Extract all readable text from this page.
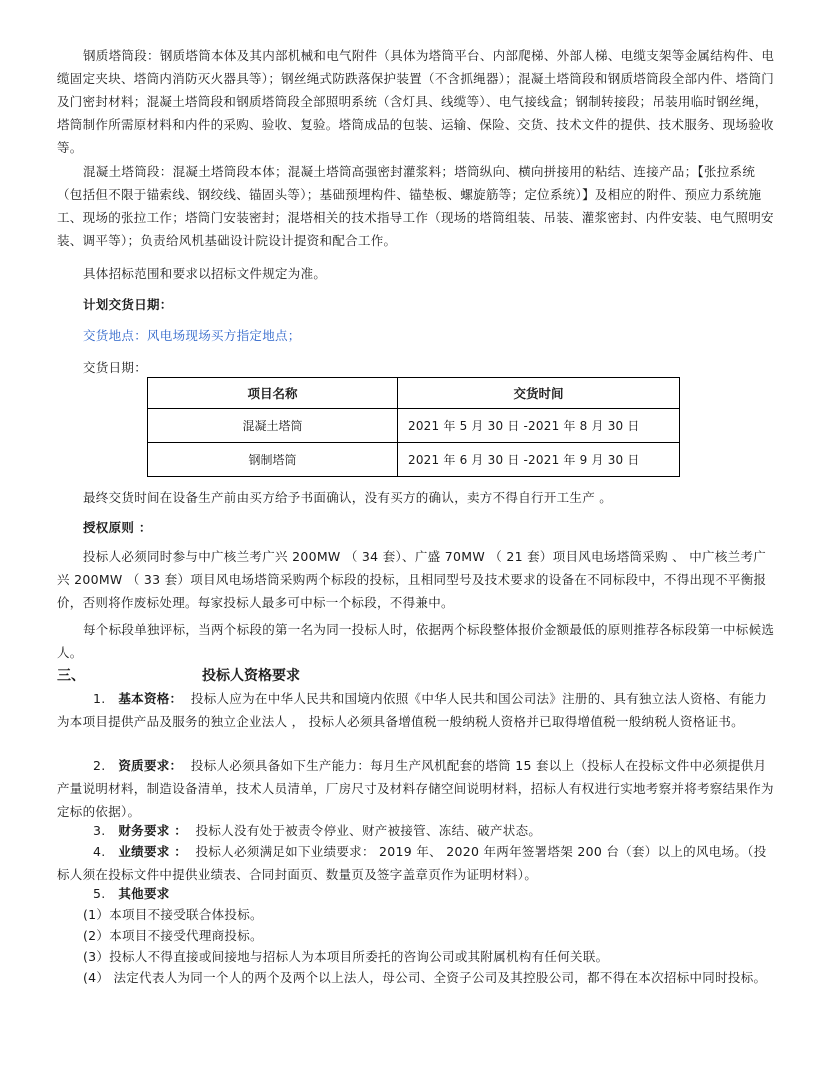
钢质塔筒段：钢质塔筒本体及其内部机械和电气附件（具体为塔筒平台、内部爬梯、外部人梯、电缆支架等金属结构件、电缆固定夹块、塔筒内消防灭火器具等）；钢丝绳式防跌落保护装置（不含抓绳器）；混凝土塔筒段和钢质塔筒段全部内件、塔筒门及门密封材料；混凝土塔筒段和钢质塔筒段全部照明系统（含灯具、线缆等）、电气接线盒；钢制转接段；吊装用临时钢丝绳，塔筒制作所需原材料和内件的采购、验收、复验。塔筒成品的包装、运输、保险、交货、技术文件的提供、技术服务、现场验收等。
混凝土塔筒段：混凝土塔筒段本体；混凝土塔筒高强密封灌浆料；塔筒纵向、横向拼接用的粘结、连接产品；【张拉系统（包括但不限于锚索线、钢绞线、锚固头等）；基础预埋构件、锚垫板、螺旋筋等；定位系统）】及相应的附件、预应力系统施工、现场的张拉工作；塔筒门安装密封；混塔相关的技术指导工作（现场的塔筒组装、吊装、灌浆密封、内件安装、电气照明安装、调平等）；负责给风机基础设计院设计提资和配合工作。
具体招标范围和要求以招标文件规定为准。
计划交货日期：
交货地点：风电场现场买方指定地点；
交货日期：
项目名称	交货时间
混凝土塔筒	2021 年 5 月 30 日 -2021 年 8 月 30 日
钢制塔筒	2021 年 6 月 30 日 -2021 年 9 月 30 日
最终交货时间在设备生产前由买方给予书面确认，没有买方的确认，卖方不得自行开工生产 。
授权原则 ：
投标人必须同时参与中广核兰考广兴 200MW （ 34 套）、广盛 70MW （ 21 套）项目风电场塔筒采购 、 中广核兰考广兴 200MW （ 33 套）项目风电场塔筒采购两个标段的投标，且相同型号及技术要求的设备在不同标段中，不得出现不平衡报价，否则将作废标处理。每家投标人最多可中标一个标段，不得兼中。
每个标段单独评标，当两个标段的第一名为同一投标人时，依据两个标段整体报价金额最低的原则推荐各标段第一中标候选人。
三、	投标人资格要求
1. 基本资格： 投标人应为在中华人民共和国境内依照《中华人民共和国公司法》注册的、具有独立法人资格、有能力为本项目提供产品及服务的独立企业法人 ， 投标人必须具备增值税一般纳税人资格并已取得增值税一般纳税人资格证书。
2. 资质要求： 投标人必须具备如下生产能力：每月生产风机配套的塔筒 15 套以上（投标人在投标文件中必须提供月产量说明材料，制造设备清单，技术人员清单，厂房尺寸及材料存储空间说明材料，招标人有权进行实地考察并将考察结果作为定标的依据）。
3. 财务要求 ： 投标人没有处于被责令停业、财产被接管、冻结、破产状态。
4. 业绩要求 ： 投标人必须满足如下业绩要求： 2019 年、 2020 年两年签署塔架 200 台（套）以上的风电场。（投标人须在投标文件中提供业绩表、合同封面页、数量页及签字盖章页作为证明材料）。
5. 其他要求
(1）本项目不接受联合体投标。
(2）本项目不接受代理商投标。
(3）投标人不得直接或间接地与招标人为本项目所委托的咨询公司或其附属机构有任何关联。
(4） 法定代表人为同一个人的两个及两个以上法人，母公司、全资子公司及其控股公司，都不得在本次招标中同时投标。
